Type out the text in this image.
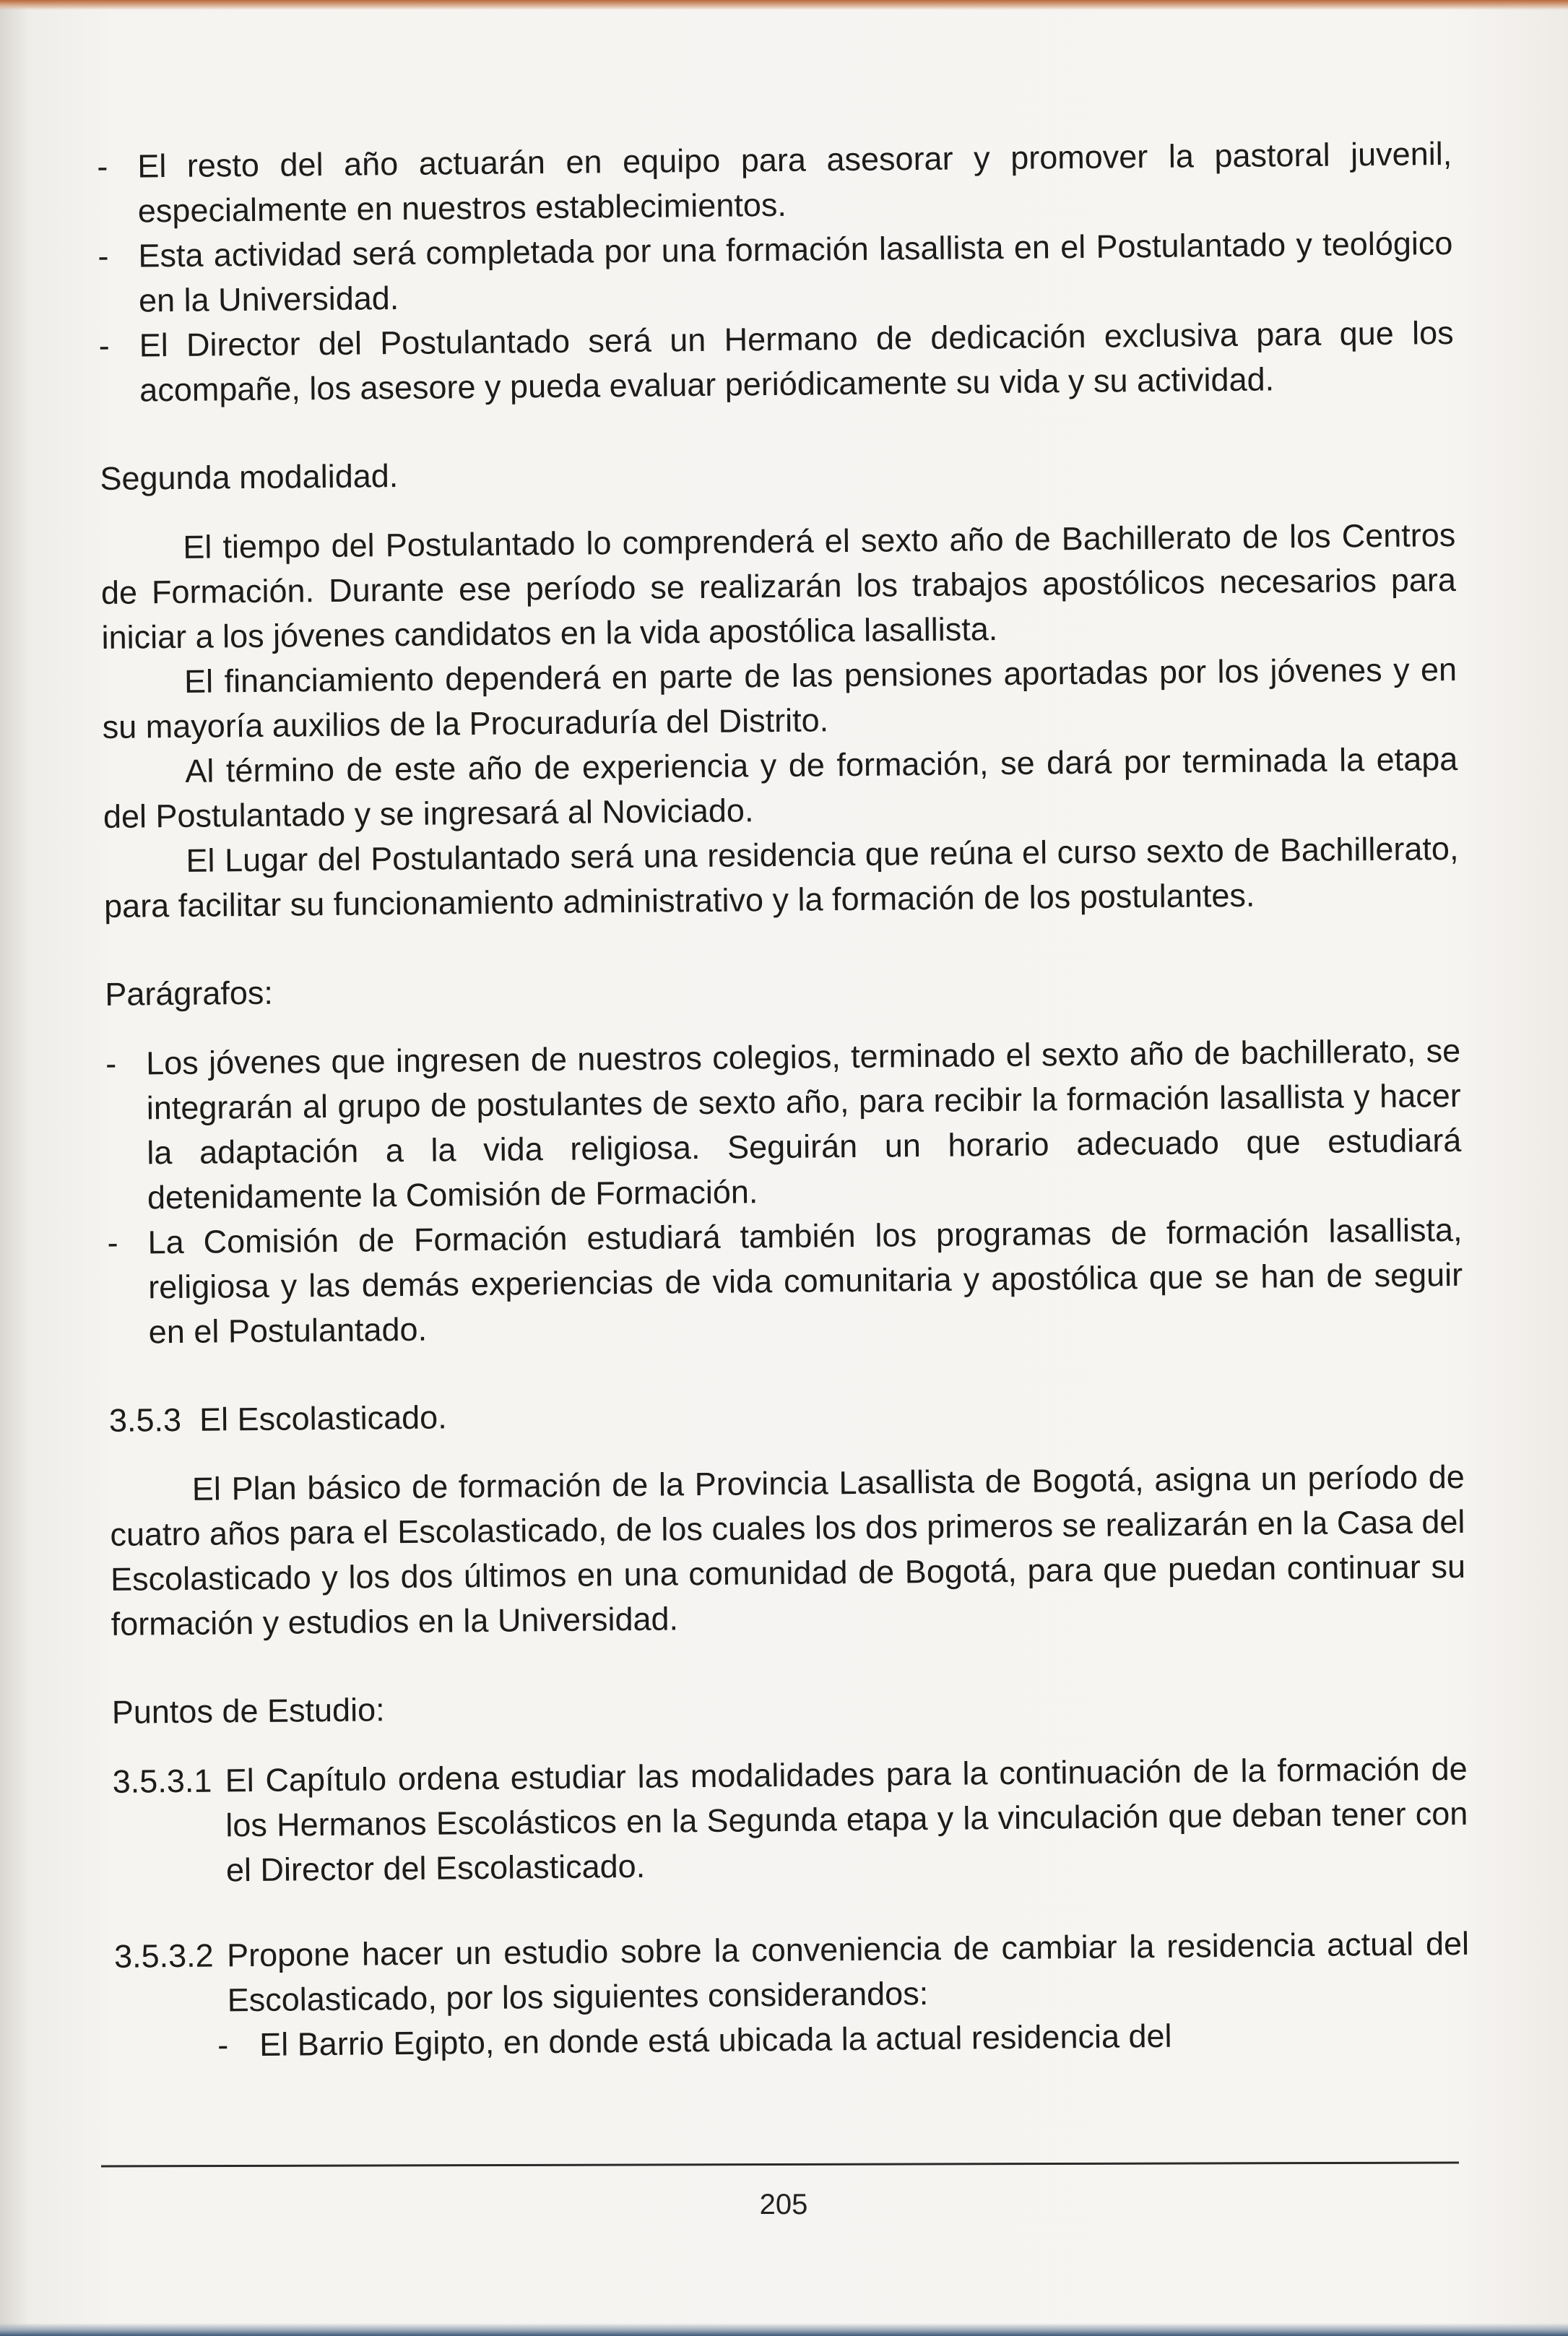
- El resto del año actuarán en equipo para asesorar y promover la pastoral juvenil, especialmente en nuestros establecimientos.

- Esta actividad será completada por una formación lasallista en el Postulantado y teológico en la Universidad.

- El Director del Postulantado será un Hermano de dedicación exclusiva para que los acompañe, los asesore y pueda evaluar periódicamente su vida y su actividad.

Segunda modalidad.

El tiempo del Postulantado lo comprenderá el sexto año de Bachillerato de los Centros de Formación. Durante ese período se realizarán los trabajos apostólicos necesarios para iniciar a los jóvenes candidatos en la vida apostólica lasallista.

El financiamiento dependerá en parte de las pensiones aportadas por los jóvenes y en su mayoría auxilios de la Procuraduría del Distrito.

Al término de este año de experiencia y de formación, se dará por terminada la etapa del Postulantado y se ingresará al Noviciado.

El Lugar del Postulantado será una residencia que reúna el curso sexto de Bachillerato, para facilitar su funcionamiento administrativo y la formación de los postulantes.

Parágrafos:

- Los jóvenes que ingresen de nuestros colegios, terminado el sexto año de bachillerato, se integrarán al grupo de postulantes de sexto año, para recibir la formación lasallista y hacer la adaptación a la vida religiosa. Seguirán un horario adecuado que estudiará detenidamente la Comisión de Formación.

- La Comisión de Formación estudiará también los programas de formación lasallista, religiosa y las demás experiencias de vida comunitaria y apostólica que se han de seguir en el Postulantado.

3.5.3  El Escolasticado.

El Plan básico de formación de la Provincia Lasallista de Bogotá, asigna un período de cuatro años para el Escolasticado, de los cuales los dos primeros se realizarán en la Casa del Escolasticado y los dos últimos en una comunidad de Bogotá, para que puedan continuar su formación y estudios en la Universidad.

Puntos de Estudio:

3.5.3.1 El Capítulo ordena estudiar las modalidades para la continuación de la formación de los Hermanos Escolásticos en la Segunda etapa y la vinculación que deban tener con el Director del Escolasticado.

3.5.3.2 Propone hacer un estudio sobre la conveniencia de cambiar la residencia actual del Escolasticado, por los siguientes considerandos:

- El Barrio Egipto, en donde está ubicada la actual residencia del

205
